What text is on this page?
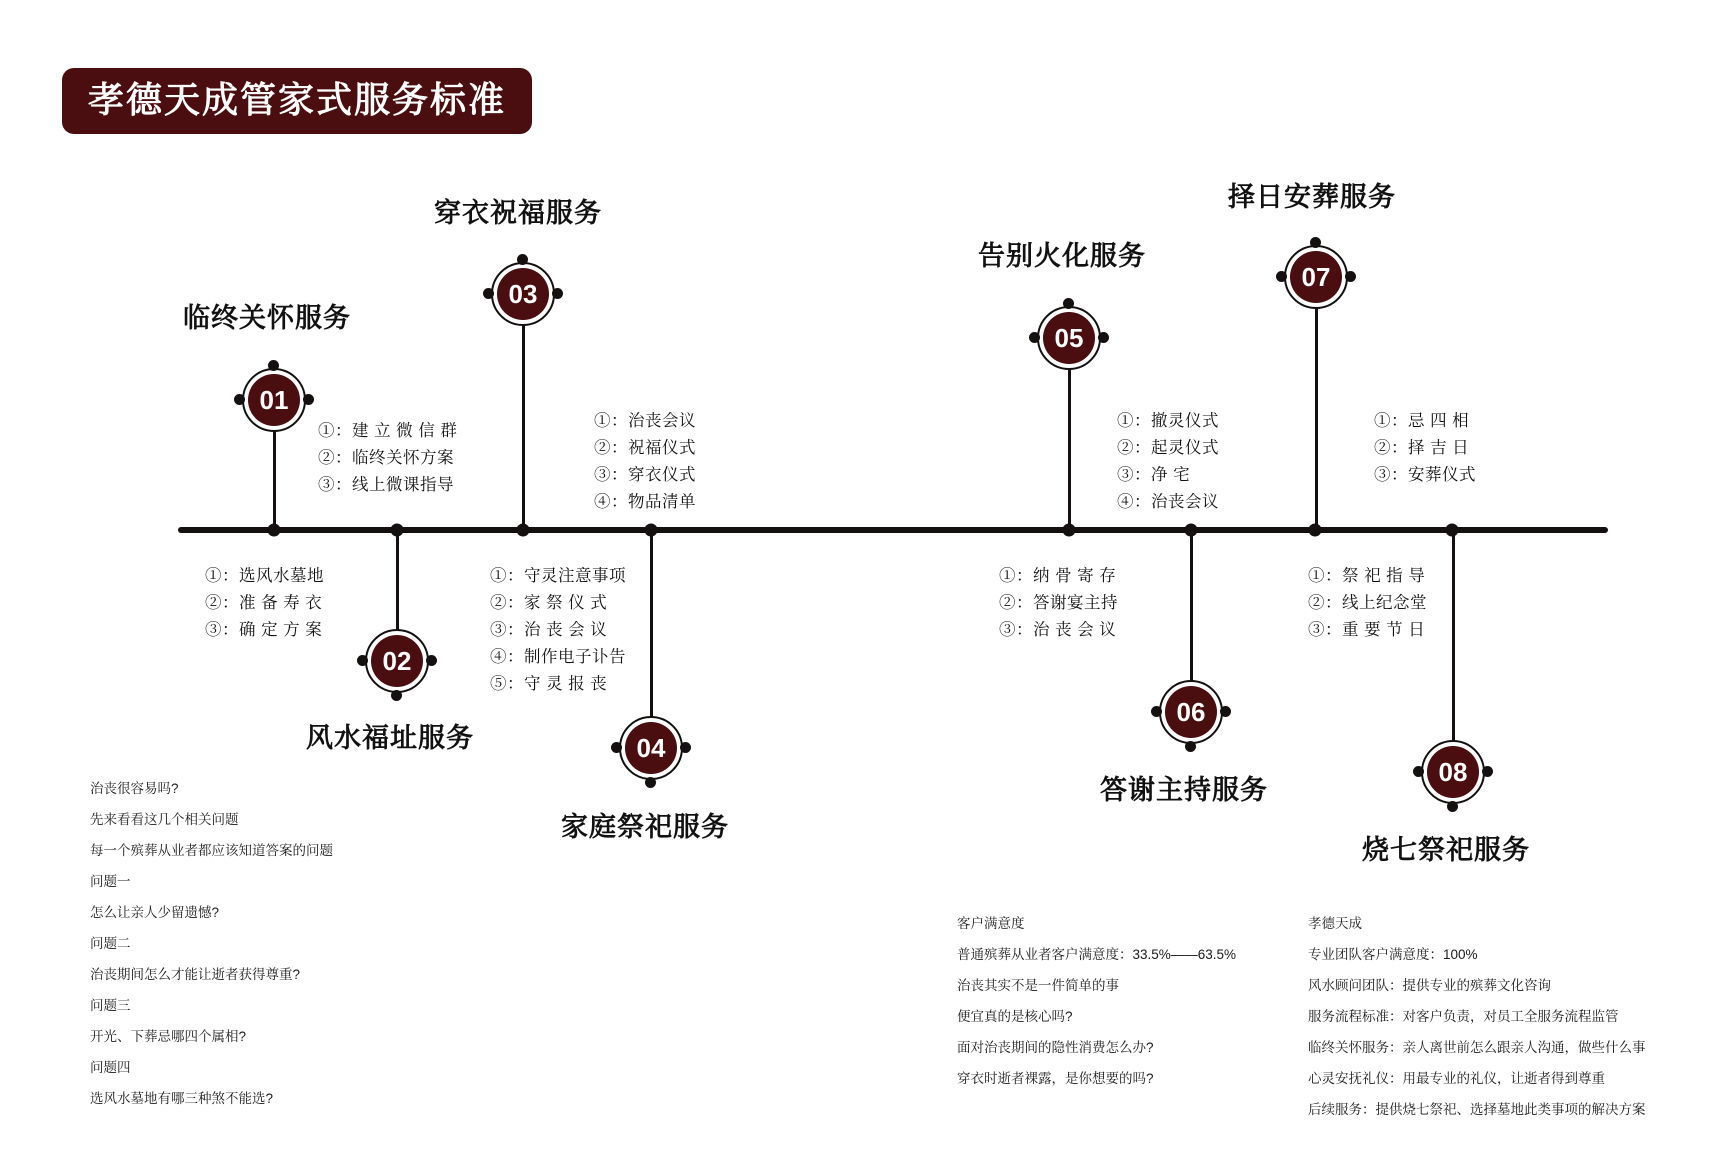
孝德天成管家式服务标准
01
临终关怀服务
①：建 立 微 信 群
②：临终关怀方案
③：线上微课指导
02
风水福址服务
①：选风水墓地
②：准 备 寿 衣
③：确 定 方 案
03
穿衣祝福服务
①：治丧会议
②：祝福仪式
③：穿衣仪式
④：物品清单
04
家庭祭祀服务
①：守灵注意事项
②：家 祭 仪 式
③：治 丧 会 议
④：制作电子讣告
⑤：守 灵 报 丧
05
告别火化服务
①：撤灵仪式
②：起灵仪式
③：净 宅
④：治丧会议
06
答谢主持服务
①：纳 骨 寄 存
②：答谢宴主持
③：治 丧 会 议
07
择日安葬服务
①：忌 四 相
②：择 吉 日
③：安葬仪式
08
烧七祭祀服务
①：祭 祀 指 导
②：线上纪念堂
③：重 要 节 日
治丧很容易吗?
先来看看这几个相关问题
每一个殡葬从业者都应该知道答案的问题
问题一
怎么让亲人少留遗憾?
问题二
治丧期间怎么才能让逝者获得尊重?
问题三
开光、下葬忌哪四个属相?
问题四
选风水墓地有哪三种煞不能选?
客户满意度
普通殡葬从业者客户满意度：33.5%——63.5%
治丧其实不是一件简单的事
便宜真的是核心吗?
面对治丧期间的隐性消费怎么办?
穿衣时逝者裸露，是你想要的吗?
孝德天成
专业团队客户满意度：100%
风水顾问团队：提供专业的殡葬文化咨询
服务流程标准：对客户负责，对员工全服务流程监管
临终关怀服务：亲人离世前怎么跟亲人沟通，做些什么事
心灵安抚礼仪：用最专业的礼仪，让逝者得到尊重
后续服务：提供烧七祭祀、选择墓地此类事项的解决方案
